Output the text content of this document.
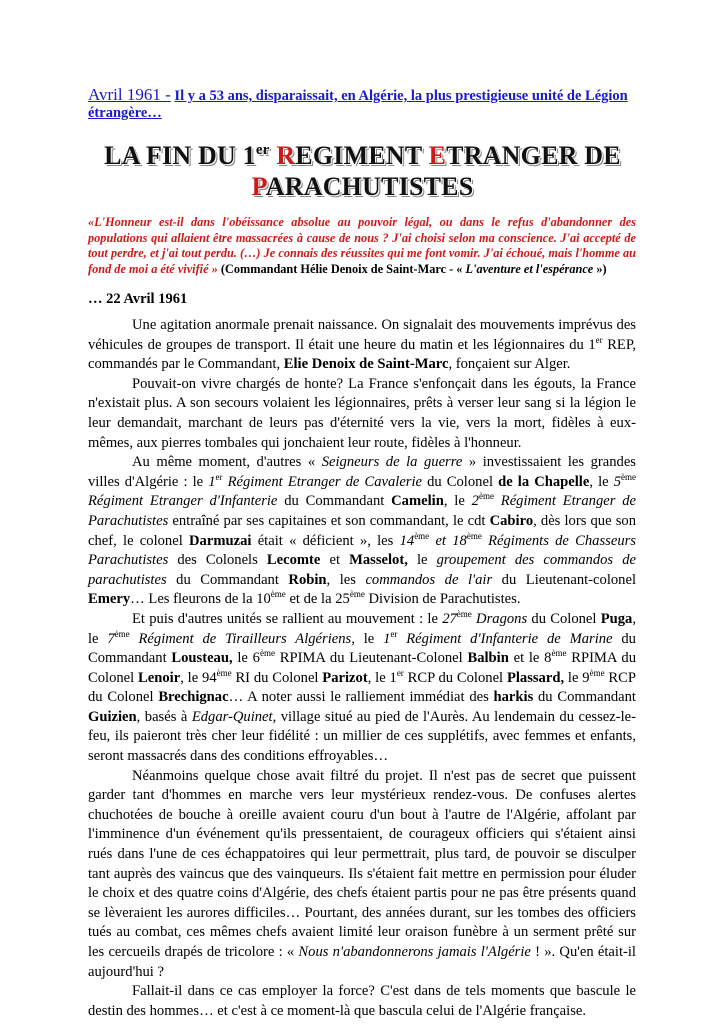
Avril 1961 - Il y a 53 ans, disparaissait, en Algérie, la plus prestigieuse unité de Légion étrangère…
LA FIN DU 1er REGIMENT ETRANGER DE
PARACHUTISTES
«L'Honneur est-il dans l'obéissance absolue au pouvoir légal, ou dans le refus d'abandonner des populations qui allaient être massacrées à cause de nous ? J'ai choisi selon ma conscience. J'ai accepté de tout perdre, et j'ai tout perdu. (…) Je connais des réussites qui me font vomir. J'ai échoué, mais l'homme au fond de moi a été vivifié » (Commandant Hélie Denoix de Saint-Marc - « L'aventure et l'espérance »)
… 22 Avril 1961

Une agitation anormale prenait naissance. On signalait des mouvements imprévus des véhicules de groupes de transport. Il était une heure du matin et les légionnaires du 1er REP, commandés par le Commandant, Elie Denoix de Saint-Marc, fonçaient sur Alger.

Pouvait-on vivre chargés de honte? La France s'enfonçait dans les égouts, la France n'existait plus. A son secours volaient les légionnaires, prêts à verser leur sang si la légion le leur demandait, marchant de leurs pas d'éternité vers la vie, vers la mort, fidèles à eux-mêmes, aux pierres tombales qui jonchaient leur route, fidèles à l'honneur.

Au même moment, d'autres « Seigneurs de la guerre » investissaient les grandes villes d'Algérie : le 1er Régiment Etranger de Cavalerie du Colonel de la Chapelle, le 5ème Régiment Etranger d'Infanterie du Commandant Camelin, le 2ème Régiment Etranger de Parachutistes entraîné par ses capitaines et son commandant, le cdt Cabiro, dès lors que son chef, le colonel Darmuzai était « déficient », les 14ème et 18ème Régiments de Chasseurs Parachutistes des Colonels Lecomte et Masselot, le groupement des commandos de parachutistes du Commandant Robin, les commandos de l'air du Lieutenant-colonel Emery… Les fleurons de la 10ème et de la 25ème Division de Parachutistes.

Et puis d'autres unités se rallient au mouvement : le 27ème Dragons du Colonel Puga, le 7ème Régiment de Tirailleurs Algériens, le 1er Régiment d'Infanterie de Marine du Commandant Lousteau, le 6ème RPIMA du Lieutenant-Colonel Balbin et le 8ème RPIMA du Colonel Lenoir, le 94ème RI du Colonel Parizot, le 1er RCP du Colonel Plassard, le 9ème RCP du Colonel Brechignac… A noter aussi le ralliement immédiat des harkis du Commandant Guizien, basés à Edgar-Quinet, village situé au pied de l'Aurès. Au lendemain du cessez-le-feu, ils paieront très cher leur fidélité : un millier de ces supplétifs, avec femmes et enfants, seront massacrés dans des conditions effroyables…

Néanmoins quelque chose avait filtré du projet. Il n'est pas de secret que puissent garder tant d'hommes en marche vers leur mystérieux rendez-vous. De confuses alertes chuchotées de bouche à oreille avaient couru d'un bout à l'autre de l'Algérie, affolant par l'imminence d'un événement qu'ils pressentaient, de courageux officiers qui s'étaient ainsi rués dans l'une de ces échappatoires qui leur permettrait, plus tard, de pouvoir se disculper tant auprès des vaincus que des vainqueurs. Ils s'étaient fait mettre en permission pour éluder le choix et des quatre coins d'Algérie, des chefs étaient partis pour ne pas être présents quand se lèveraient les aurores difficiles… Pourtant, des années durant, sur les tombes des officiers tués au combat, ces mêmes chefs avaient limité leur oraison funèbre à un serment prêté sur les cercueils drapés de tricolore : « Nous n'abandonnerons jamais l'Algérie ! ». Qu'en était-il aujourd'hui ?

Fallait-il dans ce cas employer la force? C'est dans de tels moments que bascule le destin des hommes… et c'est à ce moment-là que bascula celui de l'Algérie française.
